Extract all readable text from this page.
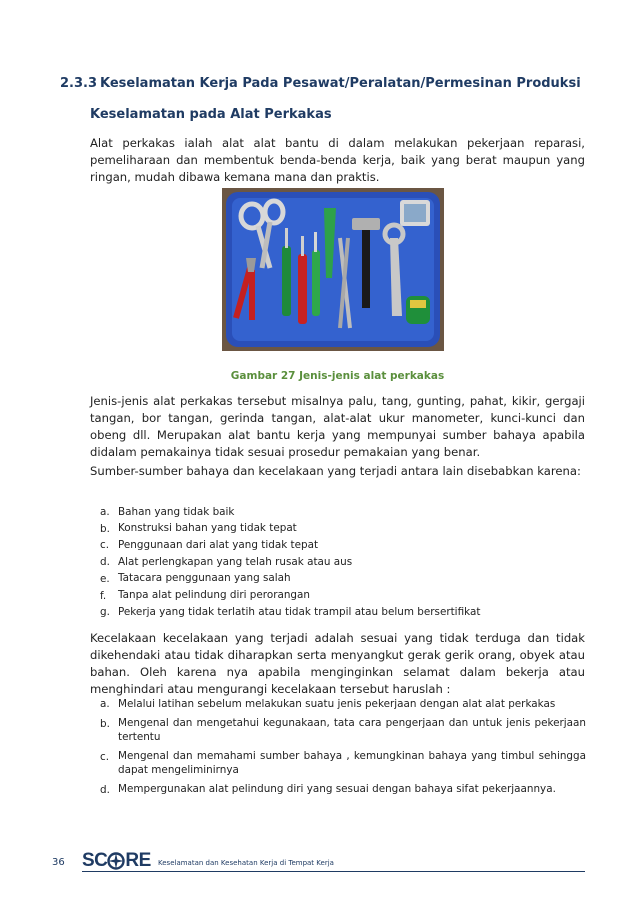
2.3.3 Keselamatan Kerja Pada Pesawat/Peralatan/Permesinan Produksi
Keselamatan pada Alat Perkakas
Alat perkakas ialah alat alat bantu di dalam melakukan pekerjaan reparasi, pemeliharaan dan membentuk benda-benda kerja, baik yang berat maupun yang ringan, mudah dibawa kemana mana dan praktis.
Gambar 27 Jenis-jenis alat perkakas
Jenis-jenis alat perkakas tersebut misalnya palu, tang, gunting, pahat, kikir, gergaji tangan, bor tangan, gerinda tangan, alat-alat ukur manometer, kunci-kunci dan obeng dll. Merupakan alat bantu kerja yang mempunyai sumber bahaya apabila didalam pemakainya tidak sesuai prosedur pemakaian yang benar.
Sumber-sumber bahaya dan kecelakaan yang terjadi antara lain disebabkan karena:
a. Bahan yang tidak baik
b. Konstruksi bahan yang tidak tepat
c. Penggunaan dari alat yang tidak tepat
d. Alat perlengkapan yang telah rusak atau aus
e. Tatacara penggunaan yang salah
f.	Tanpa alat pelindung diri perorangan
g. Pekerja yang tidak terlatih atau tidak trampil atau belum bersertifikat
Kecelakaan kecelakaan yang terjadi adalah sesuai yang tidak terduga dan tidak dikehendaki atau tidak diharapkan serta menyangkut gerak gerik orang, obyek atau bahan. Oleh karena nya apabila menginginkan selamat dalam bekerja atau menghindari atau mengurangi kecelakaan tersebut haruslah :
a. Melalui latihan sebelum melakukan suatu jenis pekerjaan dengan alat alat perkakas
b. Mengenal dan mengetahui kegunakaan, tata cara pengerjaan dan untuk jenis pekerjaan tertentu
c. Mengenal dan memahami sumber bahaya , kemungkinan bahaya yang timbul sehingga dapat mengeliminirnya
d. Mempergunakan alat pelindung diri yang sesuai dengan bahaya sifat pekerjaannya.
36 SC RE Keselamatan dan Kesehatan Kerja di Tempat Kerja
